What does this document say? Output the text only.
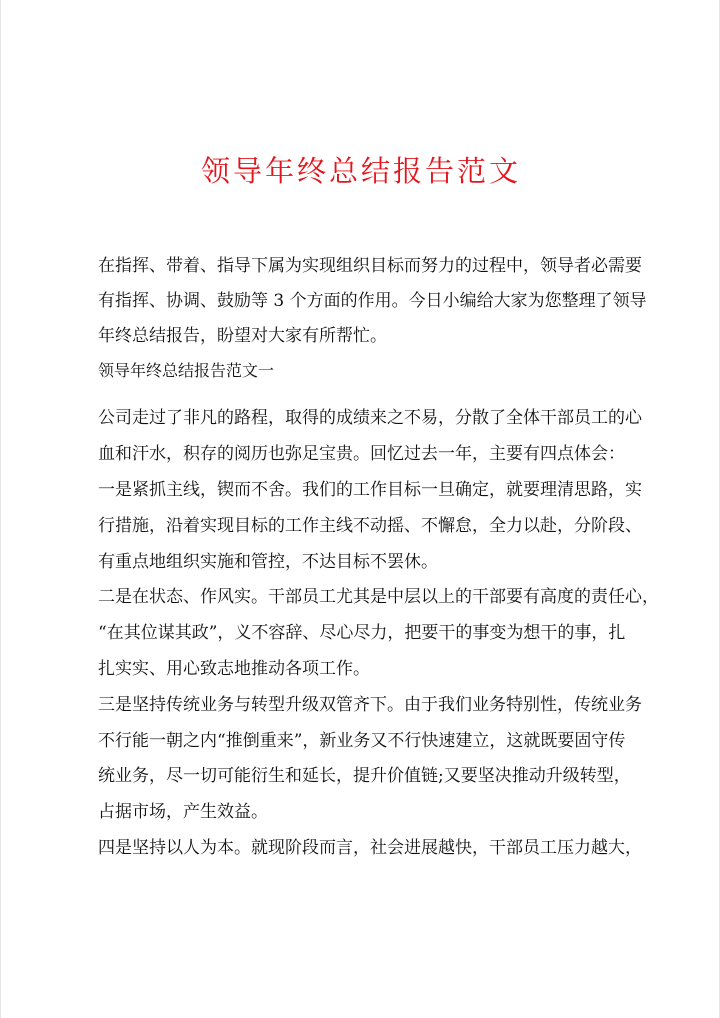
领导年终总结报告范文
在指挥、带着、指导下属为实现组织目标而努力的过程中，领导者必需要
有指挥、协调、鼓励等 3 个方面的作用。今日小编给大家为您整理了领导
年终总结报告，盼望对大家有所帮忙。
领导年终总结报告范文一
公司走过了非凡的路程，取得的成绩来之不易，分散了全体干部员工的心
血和汗水，积存的阅历也弥足宝贵。回忆过去一年，主要有四点体会：
一是紧抓主线，锲而不舍。我们的工作目标一旦确定，就要理清思路，实
行措施，沿着实现目标的工作主线不动摇、不懈怠，全力以赴，分阶段、
有重点地组织实施和管控，不达目标不罢休。
二是在状态、作风实。干部员工尤其是中层以上的干部要有高度的责任心，
“在其位谋其政”，义不容辞、尽心尽力，把要干的事变为想干的事，扎
扎实实、用心致志地推动各项工作。
三是坚持传统业务与转型升级双管齐下。由于我们业务特别性，传统业务
不行能一朝之内“推倒重来”，新业务又不行快速建立，这就既要固守传
统业务，尽一切可能衍生和延长，提升价值链;又要坚决推动升级转型，
占据市场，产生效益。
四是坚持以人为本。就现阶段而言，社会进展越快，干部员工压力越大，
